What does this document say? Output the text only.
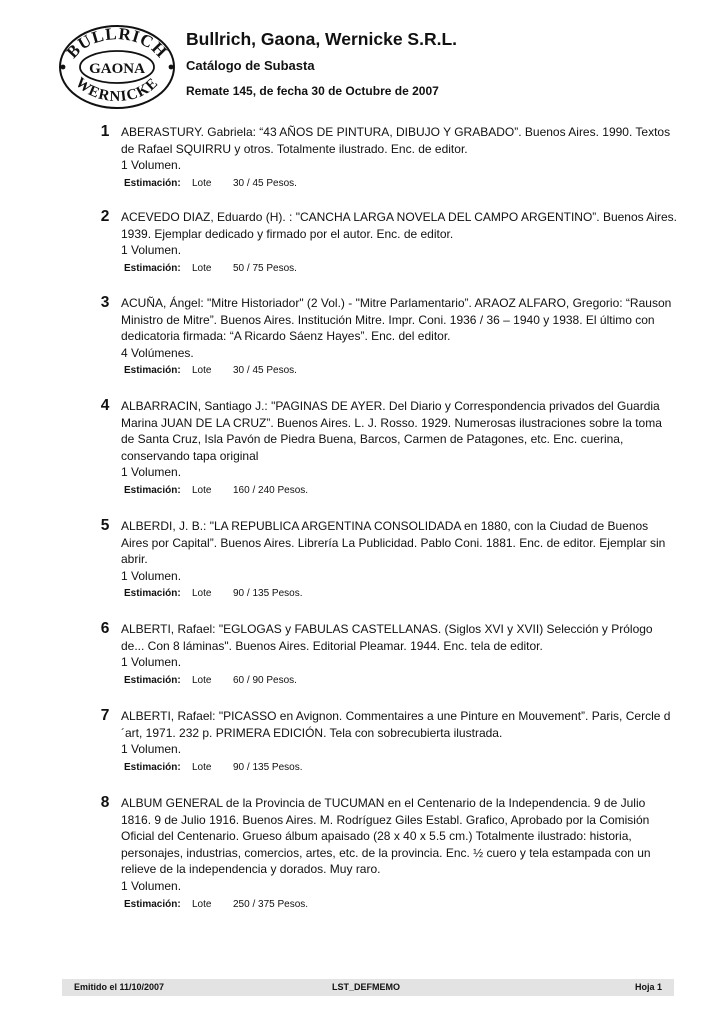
BULLRICH
GAONA
WERNICKE
Bullrich, Gaona, Wernicke S.R.L.
Catálogo de Subasta
Remate 145, de fecha 30 de Octubre de 2007
1 ABERASTURY. Gabriela: “43 AÑOS DE PINTURA, DIBUJO Y GRABADO”. Buenos Aires. 1990. Textos de Rafael SQUIRRU y otros. Totalmente ilustrado. Enc. de editor.
1 Volumen.
Estimación: Lote 30 / 45 Pesos.
2 ACEVEDO DIAZ, Eduardo (H). : "CANCHA LARGA NOVELA DEL CAMPO ARGENTINO”. Buenos Aires. 1939. Ejemplar dedicado y firmado por el autor. Enc. de editor.
1 Volumen.
Estimación: Lote 50 / 75 Pesos.
3 ACUÑA, Ángel: "Mitre Historiador" (2 Vol.) - "Mitre Parlamentario”. ARAOZ ALFARO, Gregorio: “Rauson Ministro de Mitre”. Buenos Aires. Institución Mitre. Impr. Coni. 1936 / 36 – 1940 y 1938. El último con dedicatoria firmada: “A Ricardo Sáenz Hayes”. Enc. del editor.
4 Volúmenes.
Estimación: Lote 30 / 45 Pesos.
4 ALBARRACIN, Santiago J.: "PAGINAS DE AYER. Del Diario y Correspondencia privados del Guardia Marina JUAN DE LA CRUZ”. Buenos Aires. L. J. Rosso. 1929. Numerosas ilustraciones sobre la toma de Santa Cruz, Isla Pavón de Piedra Buena, Barcos, Carmen de Patagones, etc. Enc. cuerina, conservando tapa original
1 Volumen.
Estimación: Lote 160 / 240 Pesos.
5 ALBERDI, J. B.: "LA REPUBLICA ARGENTINA CONSOLIDADA en 1880, con la Ciudad de Buenos Aires por Capital”. Buenos Aires. Librería La Publicidad. Pablo Coni. 1881. Enc. de editor. Ejemplar sin abrir.
1 Volumen.
Estimación: Lote 90 / 135 Pesos.
6 ALBERTI, Rafael: "EGLOGAS y FABULAS CASTELLANAS. (Siglos XVI y XVII) Selección y Prólogo de... Con 8 láminas". Buenos Aires. Editorial Pleamar. 1944. Enc. tela de editor.
1 Volumen.
Estimación: Lote 60 / 90 Pesos.
7 ALBERTI, Rafael: "PICASSO en Avignon. Commentaires a une Pinture en Mouvement”. Paris, Cercle d´art, 1971. 232 p. PRIMERA EDICIÓN. Tela con sobrecubierta ilustrada.
1 Volumen.
Estimación: Lote 90 / 135 Pesos.
8 ALBUM GENERAL de la Provincia de TUCUMAN en el Centenario de la Independencia. 9 de Julio 1816. 9 de Julio 1916. Buenos Aires. M. Rodríguez Giles Establ. Grafico, Aprobado por la Comisión Oficial del Centenario. Grueso álbum apaisado (28 x 40 x 5.5 cm.) Totalmente ilustrado: historia, personajes, industrias, comercios, artes, etc. de la provincia. Enc. ½ cuero y tela estampada con un relieve de la independencia y dorados. Muy raro.
1 Volumen.
Estimación: Lote 250 / 375 Pesos.
Emitido el 11/10/2007	LST_DEFMEMO	Hoja 1
